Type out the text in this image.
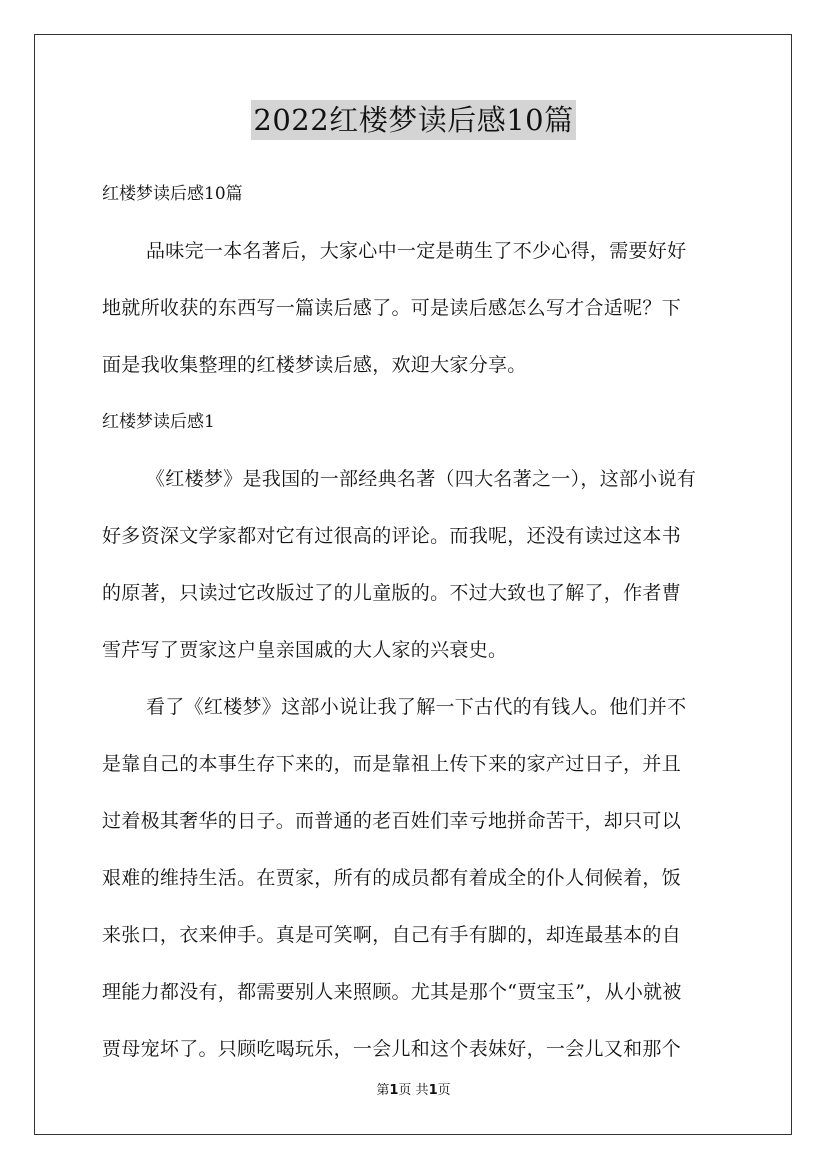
2022红楼梦读后感10篇
红楼梦读后感10篇
品味完一本名著后，大家心中一定是萌生了不少心得，需要好好
地就所收获的东西写一篇读后感了。可是读后感怎么写才合适呢？下
面是我收集整理的红楼梦读后感，欢迎大家分享。
红楼梦读后感1
《红楼梦》是我国的一部经典名著（四大名著之一），这部小说有
好多资深文学家都对它有过很高的评论。而我呢，还没有读过这本书
的原著，只读过它改版过了的儿童版的。不过大致也了解了，作者曹
雪芹写了贾家这户皇亲国戚的大人家的兴衰史。
看了《红楼梦》这部小说让我了解一下古代的有钱人。他们并不
是靠自己的本事生存下来的，而是靠祖上传下来的家产过日子，并且
过着极其奢华的日子。而普通的老百姓们幸亏地拼命苦干，却只可以
艰难的维持生活。在贾家，所有的成员都有着成全的仆人伺候着，饭
来张口，衣来伸手。真是可笑啊，自己有手有脚的，却连最基本的自
理能力都没有，都需要别人来照顾。尤其是那个“贾宝玉”，从小就被
贾母宠坏了。只顾吃喝玩乐，一会儿和这个表妹好，一会儿又和那个
第1页 共1页
